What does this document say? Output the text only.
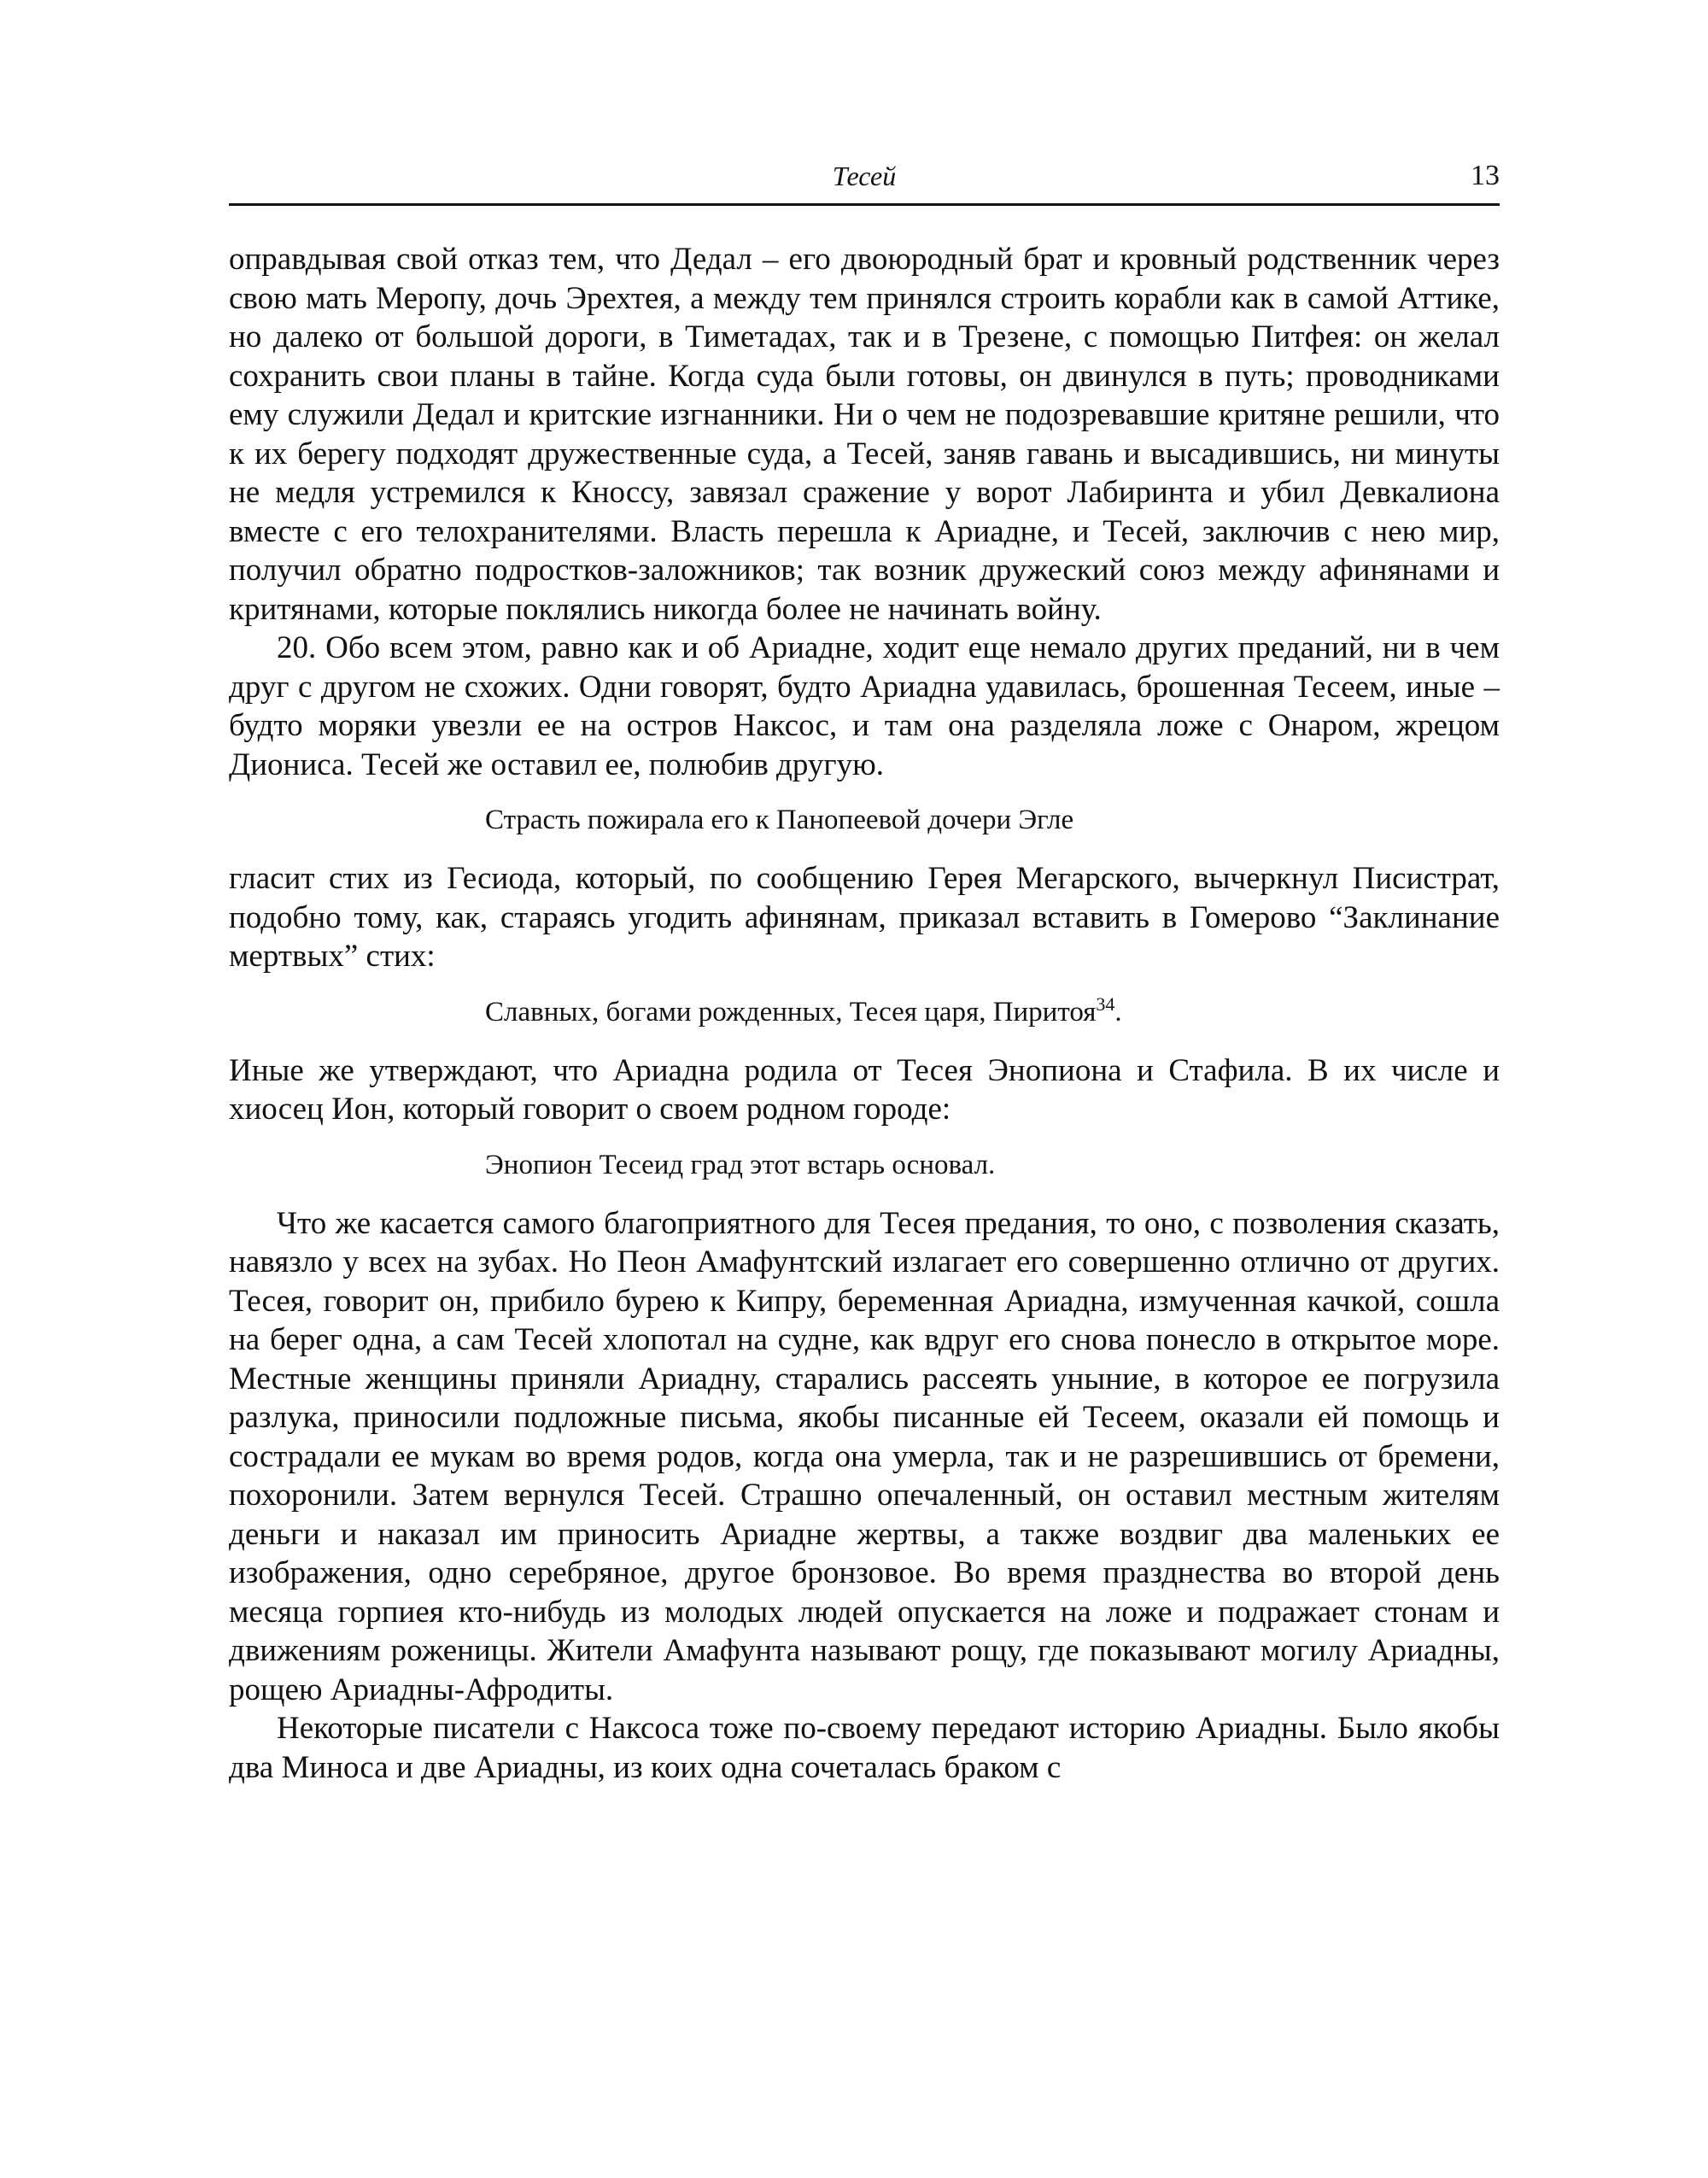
Тесей	13

оправдывая свой отказ тем, что Дедал – его двоюродный брат и кровный родственник через свою мать Меропу, дочь Эрехтея, а между тем принялся строить корабли как в самой Аттике, но далеко от большой дороги, в Тиметадах, так и в Трезене, с помощью Питфея: он желал сохранить свои планы в тайне. Когда суда были готовы, он двинулся в путь; проводниками ему служили Дедал и критские изгнанники. Ни о чем не подозревавшие критяне решили, что к их берегу подходят дружественные суда, а Тесей, заняв гавань и высадившись, ни минуты не медля устремился к Кноссу, завязал сражение у ворот Лабиринта и убил Девкалиона вместе с его телохранителями. Власть перешла к Ариадне, и Тесей, заключив с нею мир, получил обратно подростков-заложников; так возник дружеский союз между афинянами и критянами, которые поклялись никогда более не начинать войну.

20. Обо всем этом, равно как и об Ариадне, ходит еще немало других преданий, ни в чем друг с другом не схожих. Одни говорят, будто Ариадна удавилась, брошенная Тесеем, иные – будто моряки увезли ее на остров Наксос, и там она разделяла ложе с Онаром, жрецом Диониса. Тесей же оставил ее, полюбив другую.

Страсть пожирала его к Панопеевой дочери Эгле

гласит стих из Гесиода, который, по сообщению Герея Мегарского, вычеркнул Писистрат, подобно тому, как, стараясь угодить афинянам, приказал вставить в Гомерово “Заклинание мертвых” стих:

Славных, богами рожденных, Тесея царя, Пиритоя$^{34}$.

Иные же утверждают, что Ариадна родила от Тесея Энопиона и Стафила. В их числе и хиосец Ион, который говорит о своем родном городе:

Энопион Тесеид град этот встарь основал.

Что же касается самого благоприятного для Тесея предания, то оно, с позволения сказать, навязло у всех на зубах. Но Пеон Амафунтский излагает его совершенно отлично от других. Тесея, говорит он, прибило бурею к Кипру, беременная Ариадна, измученная качкой, сошла на берег одна, а сам Тесей хлопотал на судне, как вдруг его снова понесло в открытое море. Местные женщины приняли Ариадну, старались рассеять уныние, в которое ее погрузила разлука, приносили подложные письма, якобы писанные ей Тесеем, оказали ей помощь и сострадали ее мукам во время родов, когда она умерла, так и не разрешившись от бремени, похоронили. Затем вернулся Тесей. Страшно опечаленный, он оставил местным жителям деньги и наказал им приносить Ариадне жертвы, а также воздвиг два маленьких ее изображения, одно серебряное, другое бронзовое. Во время празднества во второй день месяца горпиея кто-нибудь из молодых людей опускается на ложе и подражает стонам и движениям роженицы. Жители Амафунта называют рощу, где показывают могилу Ариадны, рощею Ариадны-Афродиты.

Некоторые писатели с Наксоса тоже по-своему передают историю Ариадны. Было якобы два Миноса и две Ариадны, из коих одна сочеталась браком с
